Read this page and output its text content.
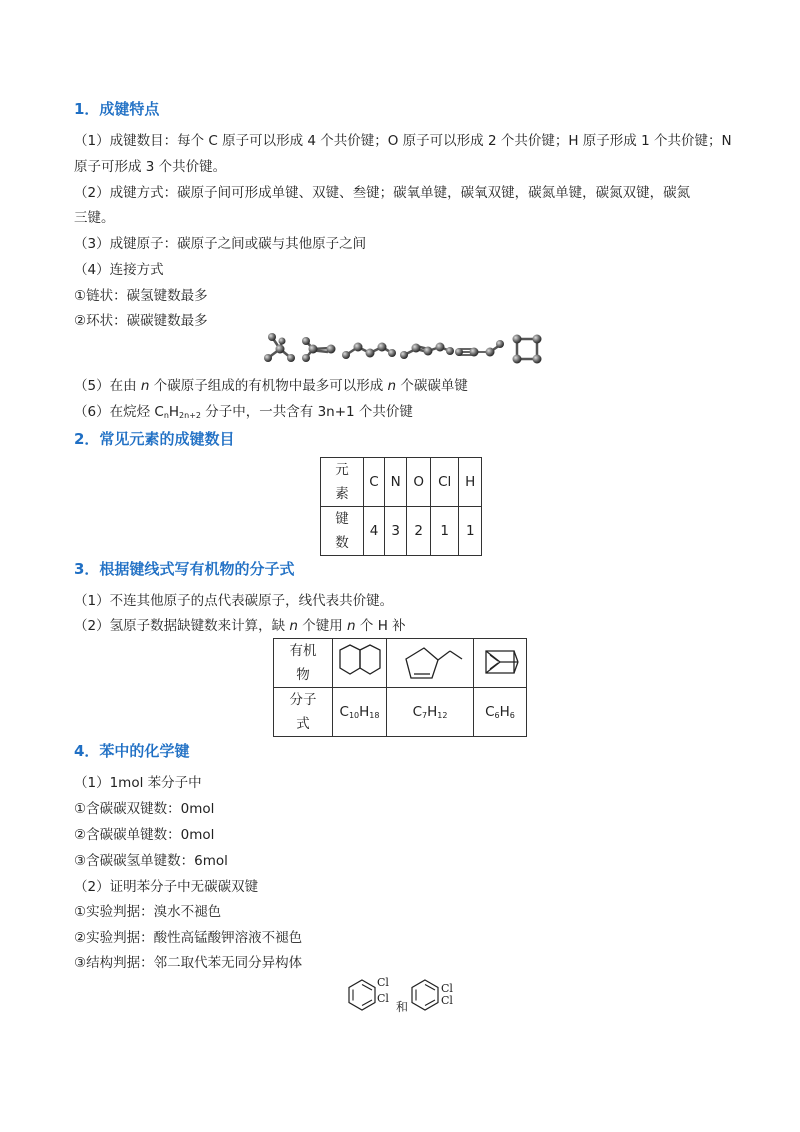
1．成键特点
（1）成键数目：每个 C 原子可以形成 4 个共价键；O 原子可以形成 2 个共价键；H 原子形成 1 个共价键；N
原子可形成 3 个共价键。
（2）成键方式：碳原子间可形成单键、双键、叁键；碳氧单键，碳氧双键，碳氮单键，碳氮双键，碳氮
三键。
（3）成键原子：碳原子之间或碳与其他原子之间
（4）连接方式
①链状：碳氢键数最多
②环状：碳碳键数最多
（5）在由 n 个碳原子组成的有机物中最多可以形成 n 个碳碳单键
（6）在烷烃 $C_nH_{2n+2}$ 分子中，一共含有 3n+1 个共价键
2．常见元素的成键数目
元
素	C	N	O	Cl	H
键
数	4	3	2	1	1
3．根据键线式写有机物的分子式
（1）不连其他原子的点代表碳原子，线代表共价键。
（2）氢原子数据缺键数来计算，缺 n 个键用 n 个 H 补
有机
物	

分子
式	$C_{10}H_{18}$	$C_7H_{12}$	$C_6H_6$
4．苯中的化学键
（1）1mol 苯分子中
①含碳碳双键数：0mol
②含碳碳单键数：0mol
③含碳碳氢单键数：6mol
（2）证明苯分子中无碳碳双键
①实验判据：溴水不褪色
②实验判据：酸性高锰酸钾溶液不褪色
③结构判据：邻二取代苯无同分异构体
Cl
Cl
和
Cl
Cl
